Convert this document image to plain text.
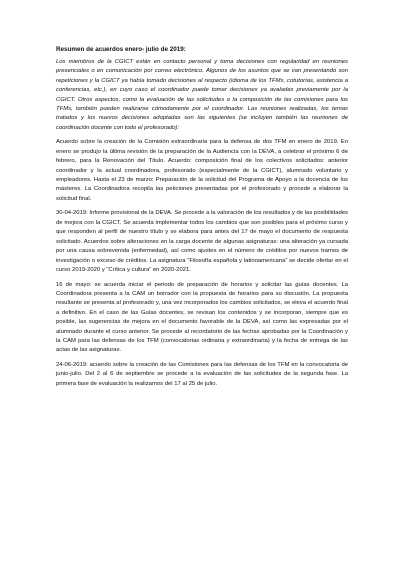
Resumen de acuerdos enero- julio de 2019:
Los miembros de la CGICT están en contacto personal y toma decisiones con regularidad en reuniones presenciales o en comunicación por correo electrónico. Algunos de los asuntos que se van presentando son repeticiones y la CGICT ya había tomado decisiones al respecto (idioma de los TFMs, cotutorías, asistencia a conferencias, etc.), en cuyo caso el coordinador puede tomar decisiones ya avaladas previamente por la CGICT. Otros aspectos, como la evaluación de las solicitudes o la composición de las comisiones para los TFMs, también pueden realizarse cómodamente por el coordinador. Las reuniones realizadas, los temas tratados y los nuevos decisiones adoptadas son las siguientes (se incluyen también las reuniones de coordinación docente con todo el profesorado):
Acuerdo sobre la creación de la Comisión extraordinaria para la defensa de dos TFM en enero de 2019. En enero se produjo la última revisión de la preparación de la Audiencia con la DEVA, a celebrar el próximo 6 de febrero, para la Renovación del Título. Acuerdo: composición final de los colectivos solicitados: anterior coordinador y la actual coordinadora, profesorado (especialmente de la CGICT), alumnado voluntario y empleadores. Hasta el 23 de marzo: Preparación de la solicitud del Programa de Apoyo a la docencia de los másteres. La Coordinadora recopila las peticiones presentadas por el profesorado y procede a elaborar la solicitud final.
30-04-2019: Informe provisional de la DEVA. Se procede a la valoración de los resultados y de las posibilidades de mejora con la CGICT. Se acuerda implementar todos los cambios que son posibles para el próximo curso y que responden al perfil de nuestro título y se elabora para antes del 17 de mayo el documento de respuesta solicitado. Acuerdos sobre alteraciones en la carga docente de algunas asignaturas: una alteración ya cursada por una causa sobrevenida (enfermedad), así como ajustes en el número de créditos por nuevos tramos de investigación o exceso de créditos. La asignatura “Filosofía española y latinoamericana” se decide ofertar en el curso 2019-2020 y “Crítica y cultura” en 2020-2021.
16 de mayo: se acuerda iniciar el periodo de preparación de horarios y solicitar las guías docentes. La Coordinadora presenta a la CAM un borrador con la propuesta de horarios para su discusión. La propuesta resultante se presenta al profesorado y, una vez incorporados los cambios solicitados, se eleva el acuerdo final a definitivo. En el caso de las Guías docentes, se revisan los contenidos y se incorporan, siempre que es posible, las sugerencias de mejora en el documento favorable de la DEVA, así como las expresadas por el alumnado durante el curso anterior. Se procede al recordatorio de las fechas aprobadas por la Coordinación y la CAM para las defensas de los TFM (convocatorias ordinaria y extraordinaria) y la fecha de entrega de las actas de las asignaturas.
24-06-2019: acuerdo sobre la creación de las Comisiones para las defensas de los TFM en la convocatoria de junio-julio. Del 2 al 6 de septiembre se procede a la evaluación de las solicitudes de la segunda fase. La primera fase de evaluación la realizamos del 17 al 25 de julio.
